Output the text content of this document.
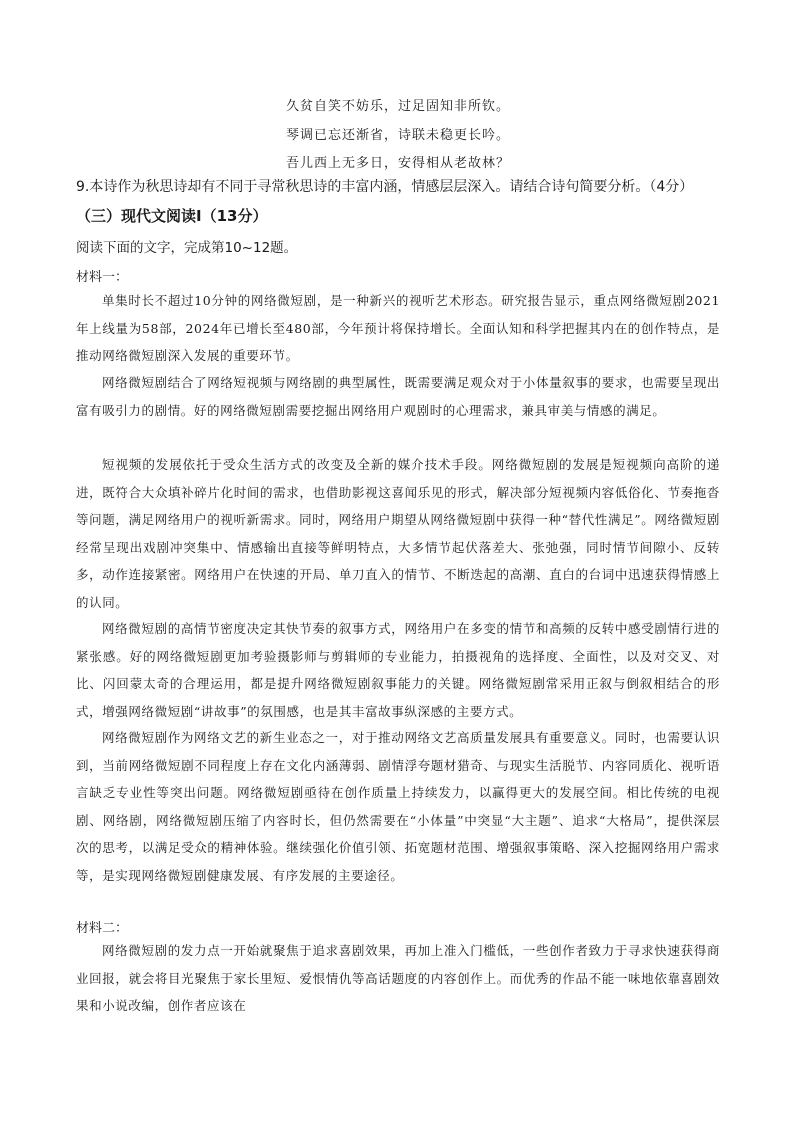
久贫自笑不妨乐，过足固知非所钦。
琴调已忘还渐省，诗联未稳更长吟。
吾儿西上无多日，安得相从老故林？
9.本诗作为秋思诗却有不同于寻常秋思诗的丰富内涵，情感层层深入。请结合诗句简要分析。（4分）
（三）现代文阅读Ⅰ（13分）
阅读下面的文字，完成第10~12题。
材料一：

单集时长不超过10分钟的网络微短剧，是一种新兴的视听艺术形态。研究报告显示，重点网络微短剧2021年上线量为58部，2024年已增长至480部，今年预计将保持增长。全面认知和科学把握其内在的创作特点，是推动网络微短剧深入发展的重要环节。

网络微短剧结合了网络短视频与网络剧的典型属性，既需要满足观众对于小体量叙事的要求，也需要呈现出富有吸引力的剧情。好的网络微短剧需要挖掘出网络用户观剧时的心理需求，兼具审美与情感的满足。

短视频的发展依托于受众生活方式的改变及全新的媒介技术手段。网络微短剧的发展是短视频向高阶的递进，既符合大众填补碎片化时间的需求，也借助影视这喜闻乐见的形式，解决部分短视频内容低俗化、节奏拖沓等问题，满足网络用户的视听新需求。同时，网络用户期望从网络微短剧中获得一种“替代性满足”。网络微短剧经常呈现出戏剧冲突集中、情感输出直接等鲜明特点，大多情节起伏落差大、张弛强，同时情节间隙小、反转多，动作连接紧密。网络用户在快速的开局、单刀直入的情节、不断迭起的高潮、直白的台词中迅速获得情感上的认同。

网络微短剧的高情节密度决定其快节奏的叙事方式，网络用户在多变的情节和高频的反转中感受剧情行进的紧张感。好的网络微短剧更加考验摄影师与剪辑师的专业能力，拍摄视角的选择度、全面性，以及对交叉、对比、闪回蒙太奇的合理运用，都是提升网络微短剧叙事能力的关键。网络微短剧常采用正叙与倒叙相结合的形式，增强网络微短剧“讲故事”的氛围感，也是其丰富故事纵深感的主要方式。

网络微短剧作为网络文艺的新生业态之一，对于推动网络文艺高质量发展具有重要意义。同时，也需要认识到，当前网络微短剧不同程度上存在文化内涵薄弱、剧情浮夸题材猎奇、与现实生活脱节、内容同质化、视听语言缺乏专业性等突出问题。网络微短剧亟待在创作质量上持续发力，以赢得更大的发展空间。相比传统的电视剧、网络剧，网络微短剧压缩了内容时长，但仍然需要在“小体量”中突显“大主题”、追求“大格局”，提供深层次的思考，以满足受众的精神体验。继续强化价值引领、拓宽题材范围、增强叙事策略、深入挖掘网络用户需求等，是实现网络微短剧健康发展、有序发展的主要途径。

材料二：

网络微短剧的发力点一开始就聚焦于追求喜剧效果，再加上准入门槛低，一些创作者致力于寻求快速获得商业回报，就会将目光聚焦于家长里短、爱恨情仇等高话题度的内容创作上。而优秀的作品不能一味地依靠喜剧效果和小说改编，创作者应该在
